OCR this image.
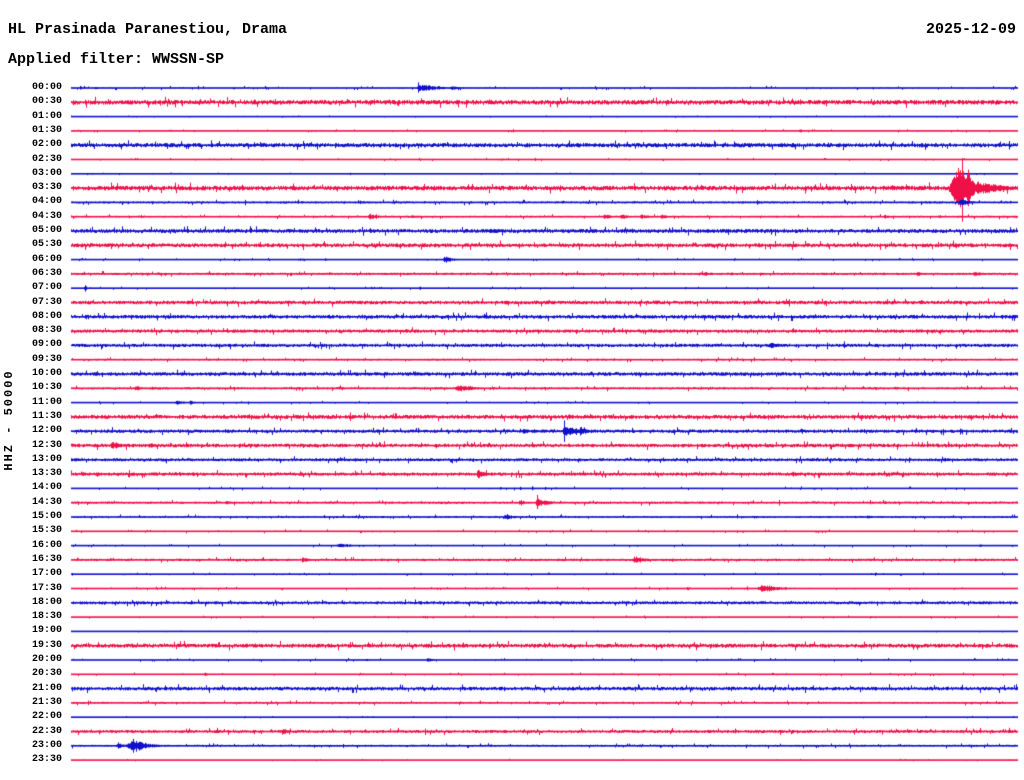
HL Prasinada Paranestiou, Drama	2025-12-09
Applied filter: WWSSN-SP
HHZ - 50000
00:00
00:30
01:00
01:30
02:00
02:30
03:00
03:30
04:00
04:30
05:00
05:30
06:00
06:30
07:00
07:30
08:00
08:30
09:00
09:30
10:00
10:30
11:00
11:30
12:00
12:30
13:00
13:30
14:00
14:30
15:00
15:30
16:00
16:30
17:00
17:30
18:00
18:30
19:00
19:30
20:00
20:30
21:00
21:30
22:00
22:30
23:00
23:30
